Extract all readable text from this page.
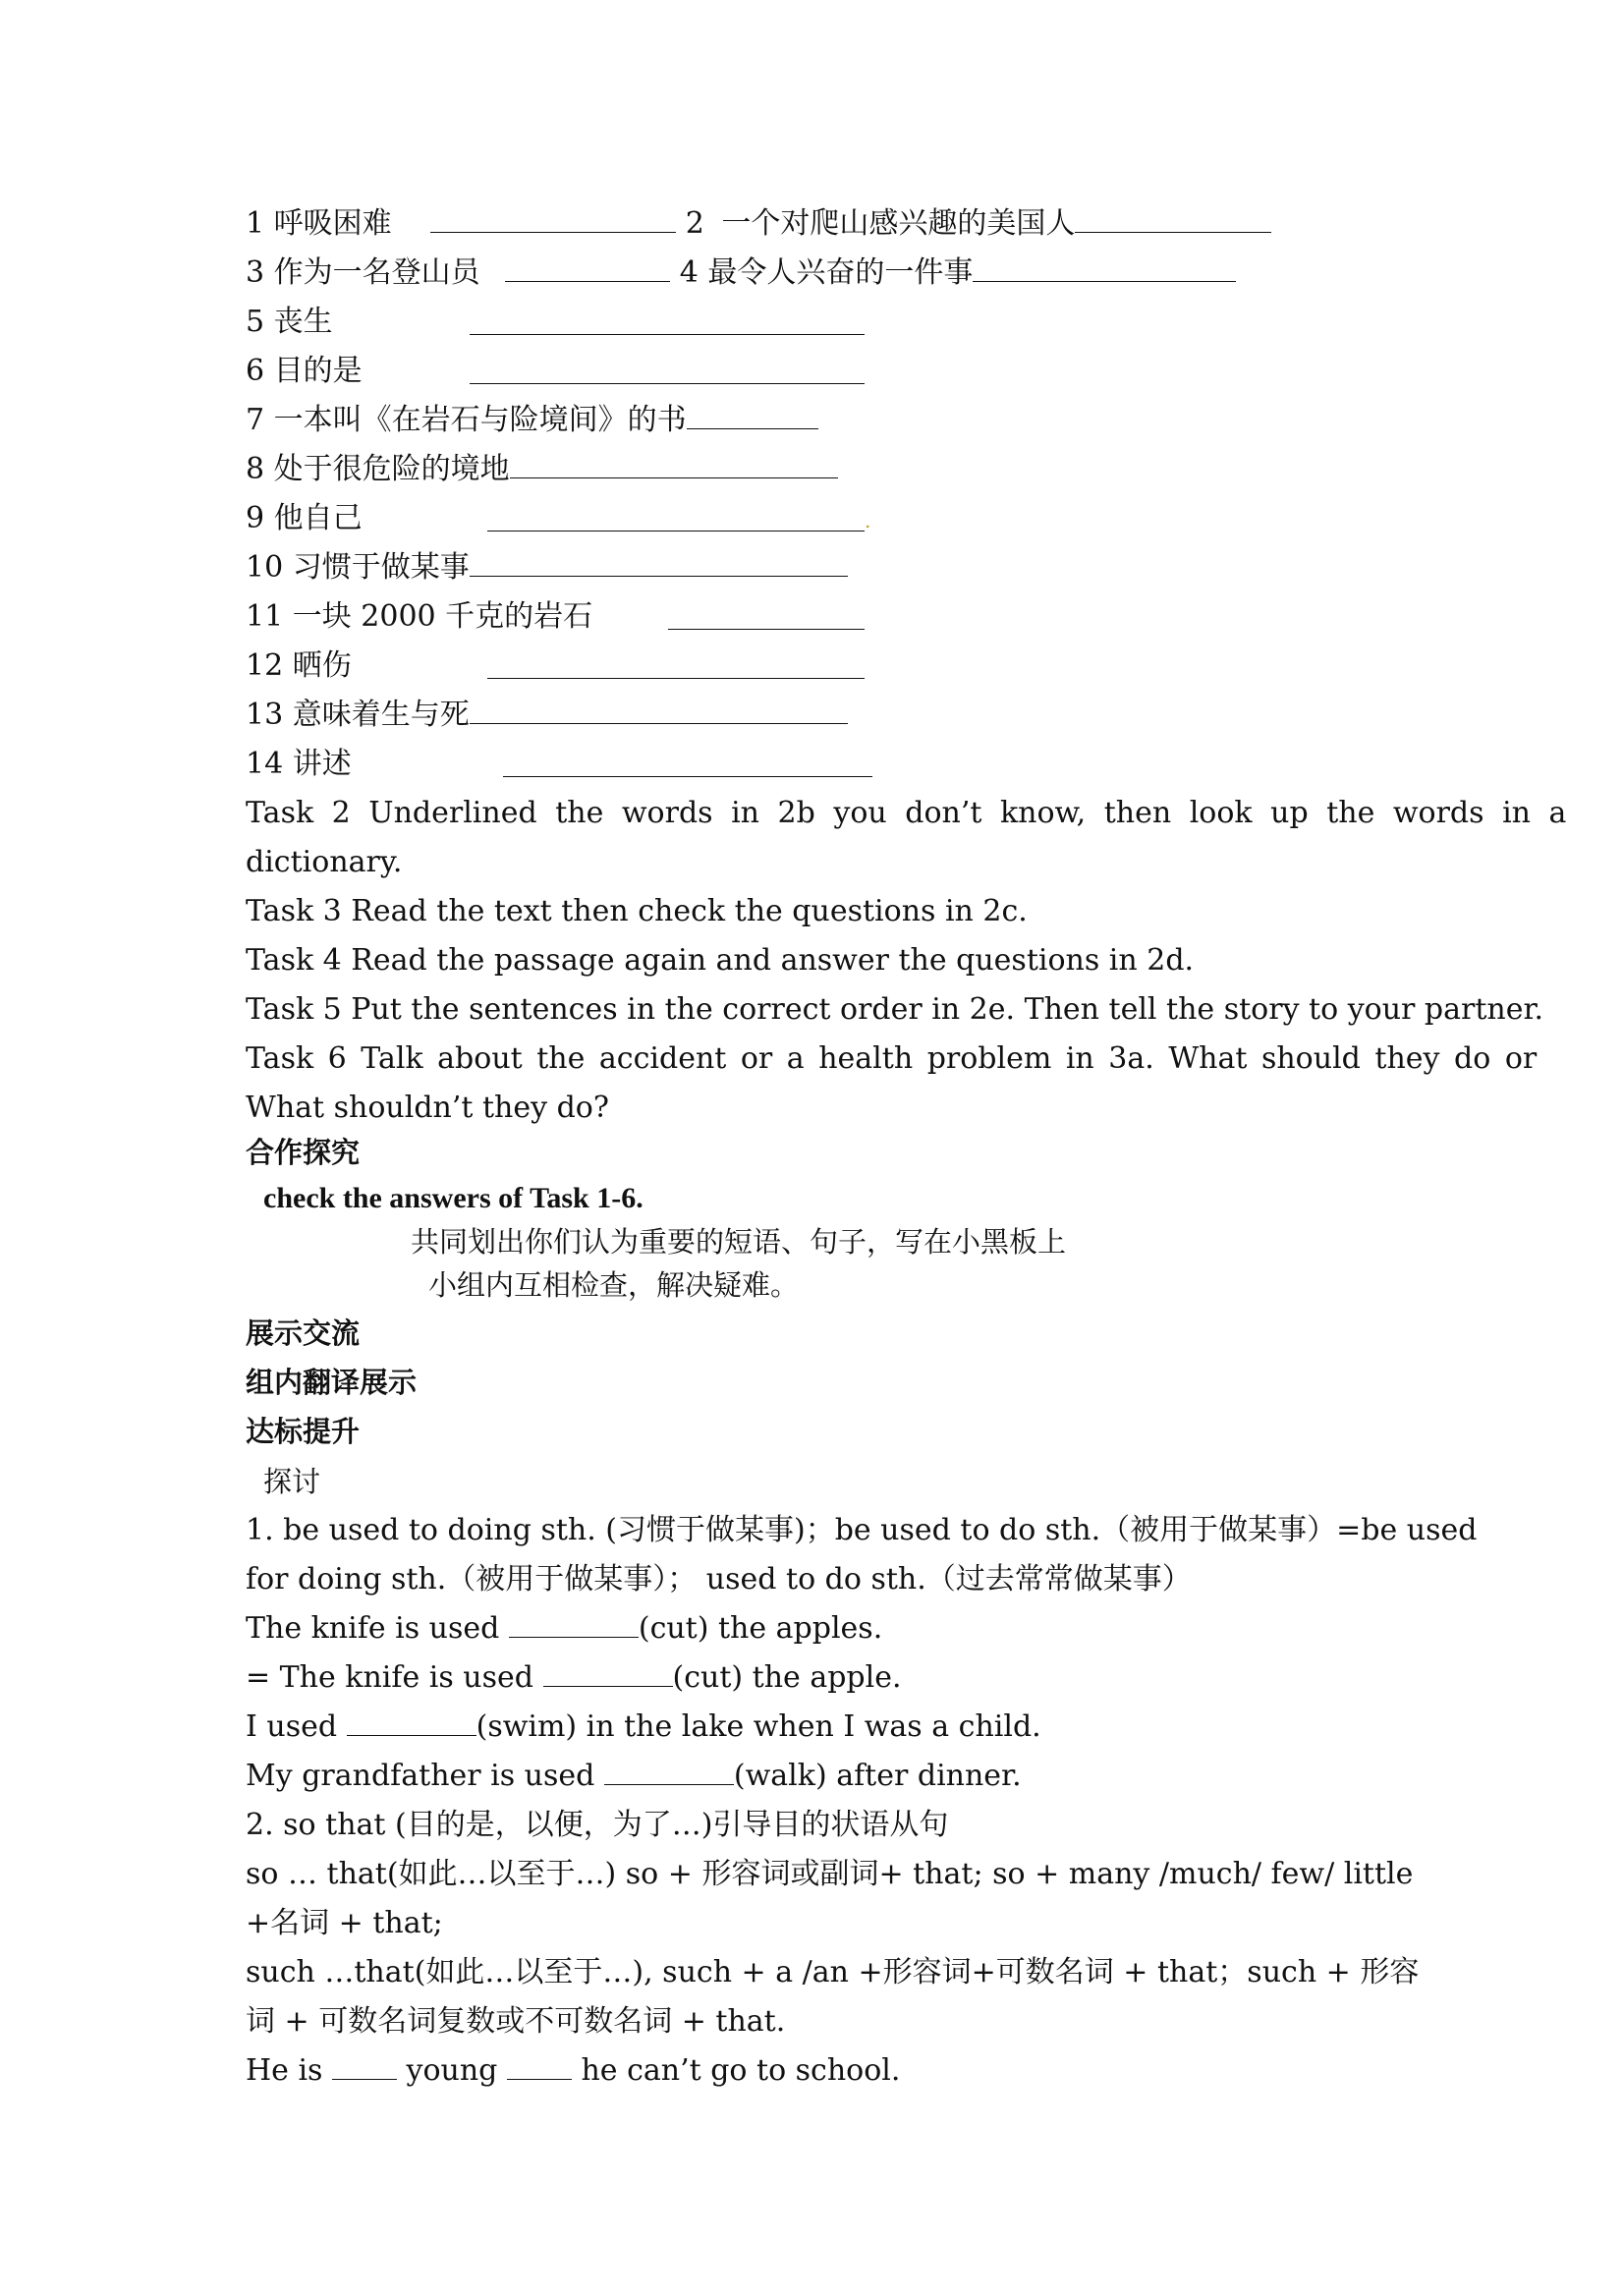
1 呼吸困难	2 一个对爬山感兴趣的美国人
3 作为一名登山员	4 最令人兴奋的一件事
5 丧生
6 目的是
7 一本叫《在岩石与险境间》的书
8 处于很危险的境地
9 他自己	.
10 习惯于做某事
11 一块 2000 千克的岩石
12 晒伤
13 意味着生与死
14 讲述
Task 2 Underlined the words in 2b you don’t know, then look up the words in a
dictionary.
Task 3 Read the text then check the questions in 2c.
Task 4 Read the passage again and answer the questions in 2d.
Task 5 Put the sentences in the correct order in 2e. Then tell the story to your partner.
Task 6 Talk about the accident or a health problem in 3a. What should they do or
What shouldn’t they do?
合作探究
check the answers of Task 1-6.
共同划出你们认为重要的短语、句子，写在小黑板上
小组内互相检查，解决疑难。
展示交流
组内翻译展示
达标提升
探讨
1. be used to doing sth. (习惯于做某事)；be used to do sth.（被用于做某事）=be used
for doing sth.（被用于做某事）； used to do sth.（过去常常做某事）
The knife is used	(cut) the apples.
= The knife is used	(cut) the apple.
I used	(swim) in the lake when I was a child.
My grandfather is used	(walk) after dinner.
2. so that (目的是，以便，为了…)引导目的状语从句
so … that(如此…以至于…) so + 形容词或副词+ that; so + many /much/ few/ little
+名词 + that;
such …that(如此…以至于…), such + a /an +形容词+可数名词 + that；such + 形容
词 + 可数名词复数或不可数名词 + that.
He is  young  he can’t go to school.
